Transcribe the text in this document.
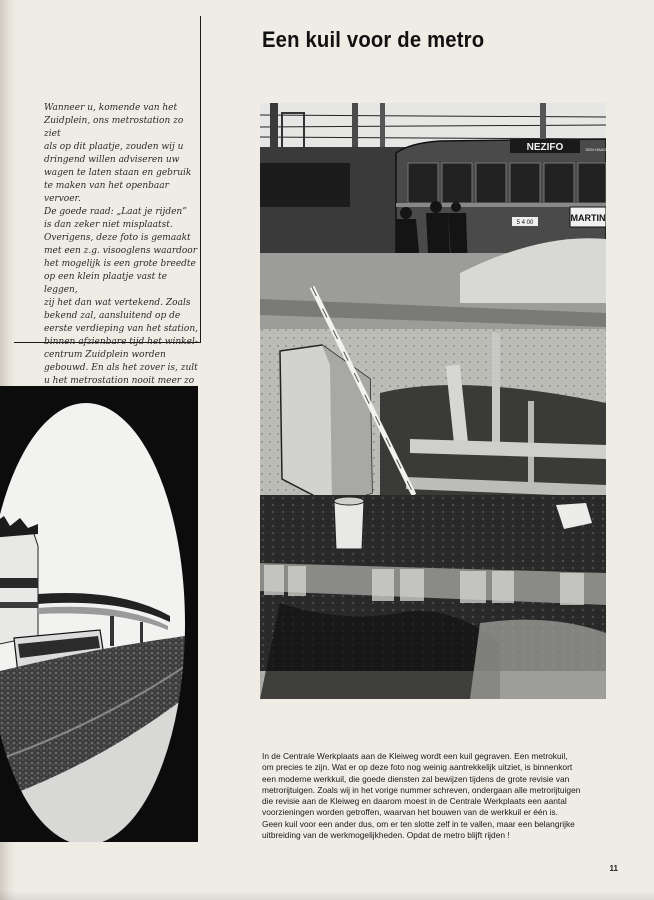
Een kuil voor de metro
Wanneer u, komende van het
Zuidplein, ons metrostation zo ziet
als op dit plaatje, zouden wij u
dringend willen adviseren uw
wagen te laten staan en gebruik
te maken van het openbaar vervoer.
De goede raad: „Laat je rijden”
is dan zeker niet misplaatst.
Overigens, deze foto is gemaakt
met een z.g. visooglens waardoor
het mogelijk is een grote breedte
op een klein plaatje vast te leggen,
zij het dan wat vertekend. Zoals
bekend zal, aansluitend op de
eerste verdieping van het station,
binnen afzienbare tijd het winkel-
centrum Zuidplein worden
gebouwd. En als het zover is, zult
u het metrostation nooit meer zo

NEZIFO	DEN HAAG
5 4 00	MARTIN
In de Centrale Werkplaats aan de Kleiweg wordt een kuil gegraven. Een metrokuil,
om precies te zijn. Wat er op deze foto nog weinig aantrekkelijk uitziet, is binnenkort
een moderne werkkuil, die goede diensten zal bewijzen tijdens de grote revisie van
metrorijtuigen. Zoals wij in het vorige nummer schreven, ondergaan alle metrorijtuigen
die revisie aan de Kleiweg en daarom moest in de Centrale Werkplaats een aantal
voorzieningen worden getroffen, waarvan het bouwen van de werkkuil er één is.
Geen kuil voor een ander dus, om er ten slotte zelf in te vallen, maar een belangrijke
uitbreiding van de werkmogelijkheden. Opdat de metro blijft rijden !
11
